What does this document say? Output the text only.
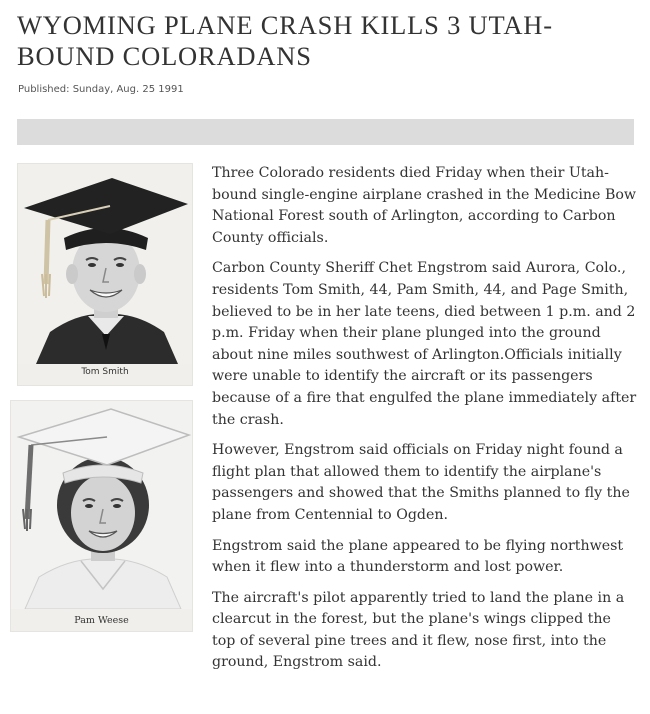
WYOMING PLANE CRASH KILLS 3 UTAH-BOUND COLORADANS
Published: Sunday, Aug. 25 1991
Tom Smith
Pam Weese

Three Colorado residents died Friday when their Utah-bound single-engine airplane crashed in the Medicine Bow National Forest south of Arlington, according to Carbon County officials.

Carbon County Sheriff Chet Engstrom said Aurora, Colo., residents Tom Smith, 44, Pam Smith, 44, and Page Smith, believed to be in her late teens, died between 1 p.m. and 2 p.m. Friday when their plane plunged into the ground about nine miles southwest of Arlington.Officials initially were unable to identify the aircraft or its passengers because of a fire that engulfed the plane immediately after the crash.

However, Engstrom said officials on Friday night found a flight plan that allowed them to identify the airplane's passengers and showed that the Smiths planned to fly the plane from Centennial to Ogden.

Engstrom said the plane appeared to be flying northwest when it flew into a thunderstorm and lost power.

The aircraft's pilot apparently tried to land the plane in a clearcut in the forest, but the plane's wings clipped the top of several pine trees and it flew, nose first, into the ground, Engstrom said.
